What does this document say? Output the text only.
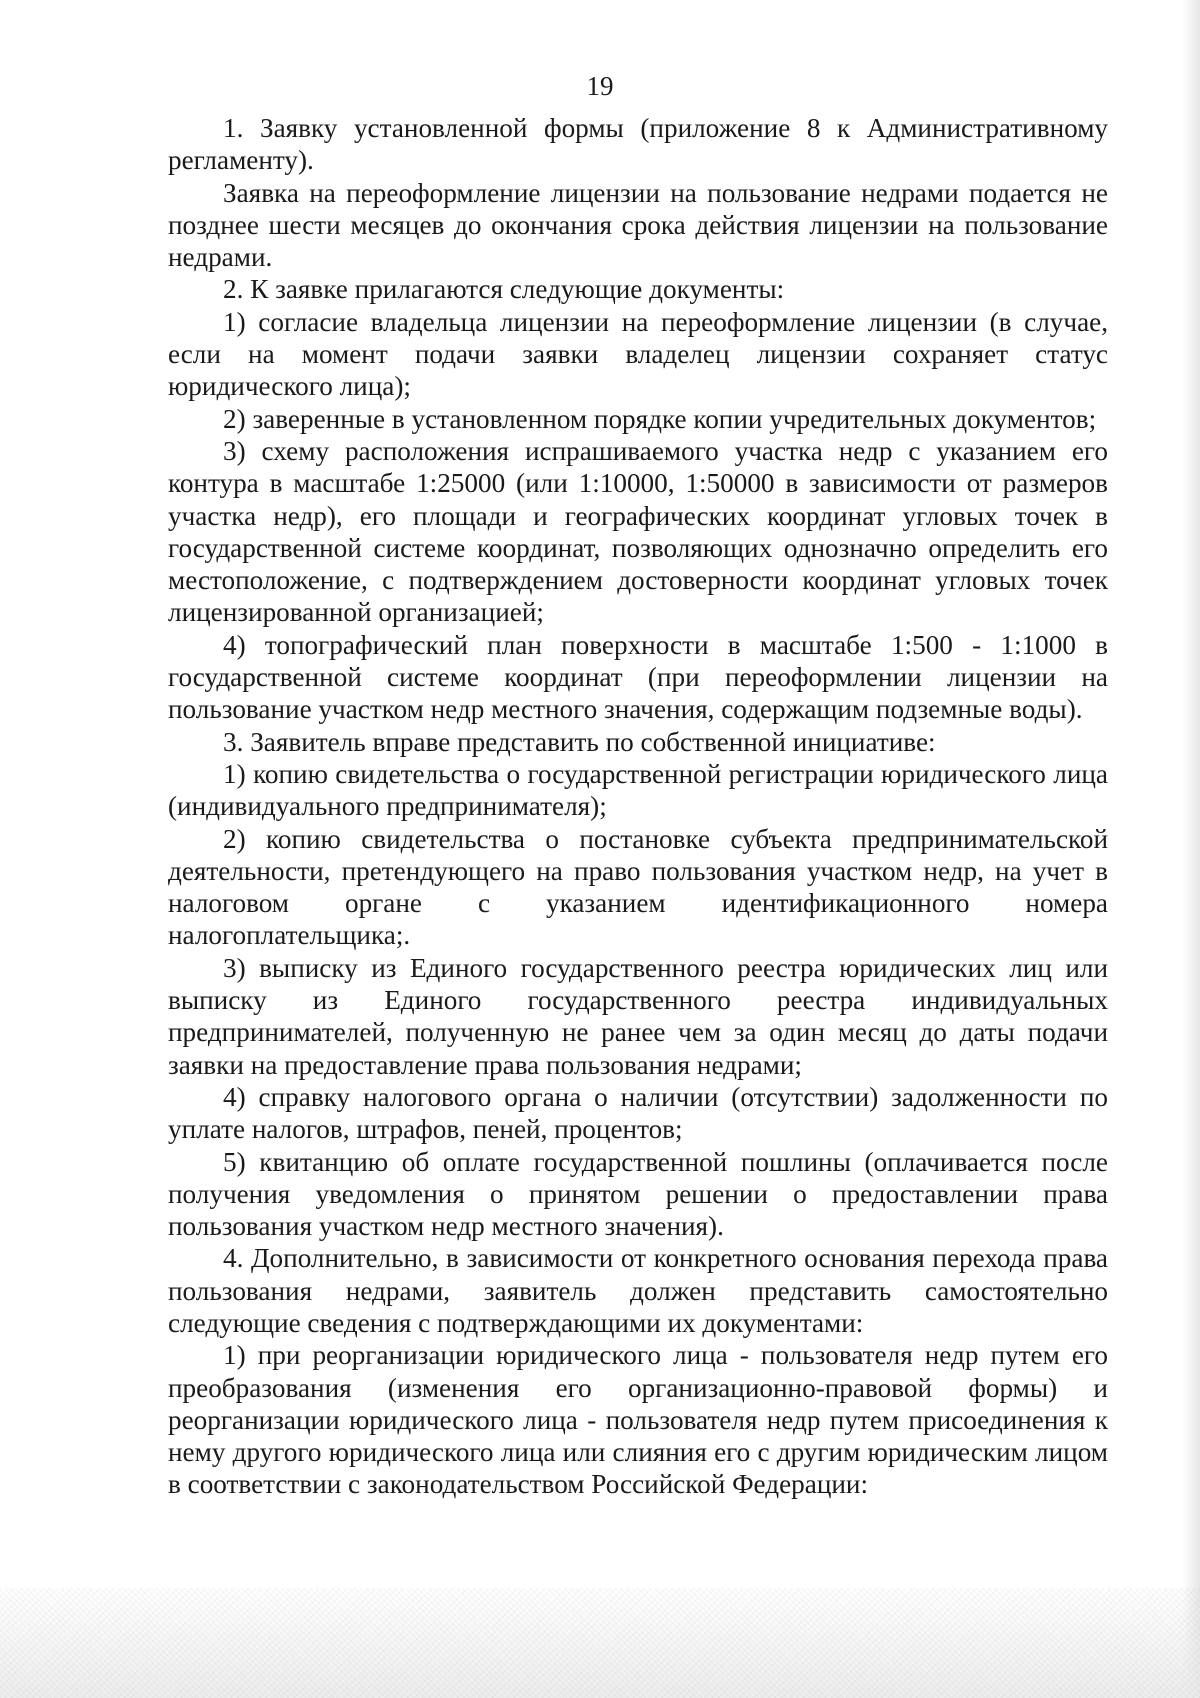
19

1. Заявку установленной формы (приложение 8 к Административному регламенту).

Заявка на переоформление лицензии на пользование недрами подается не позднее шести месяцев до окончания срока действия лицензии на пользование недрами.

2. К заявке прилагаются следующие документы:

1) согласие владельца лицензии на переоформление лицензии (в случае, если на момент подачи заявки владелец лицензии сохраняет статус юридического лица);

2) заверенные в установленном порядке копии учредительных документов;

3) схему расположения испрашиваемого участка недр с указанием его контура в масштабе 1:25000 (или 1:10000, 1:50000 в зависимости от размеров участка недр), его площади и географических координат угловых точек в государственной системе координат, позволяющих однозначно определить его местоположение, с подтверждением достоверности координат угловых точек лицензированной организацией;

4) топографический план поверхности в масштабе 1:500 - 1:1000 в государственной системе координат (при переоформлении лицензии на пользование участком недр местного значения, содержащим подземные воды).

3. Заявитель вправе представить по собственной инициативе:

1) копию свидетельства о государственной регистрации юридического лица (индивидуального предпринимателя);

2) копию свидетельства о постановке субъекта предпринимательской деятельности, претендующего на право пользования участком недр, на учет в налоговом органе с указанием идентификационного номера налогоплательщика;.

3) выписку из Единого государственного реестра юридических лиц или выписку из Единого государственного реестра индивидуальных предпринимателей, полученную не ранее чем за один месяц до даты подачи заявки на предоставление права пользования недрами;

4) справку налогового органа о наличии (отсутствии) задолженности по уплате налогов, штрафов, пеней, процентов;

5) квитанцию об оплате государственной пошлины (оплачивается после получения уведомления о принятом решении о предоставлении права пользования участком недр местного значения).

4. Дополнительно, в зависимости от конкретного основания перехода права пользования недрами, заявитель должен представить самостоятельно следующие сведения с подтверждающими их документами:

1) при реорганизации юридического лица - пользователя недр путем его преобразования (изменения его организационно-правовой формы) и реорганизации юридического лица - пользователя недр путем присоединения к нему другого юридического лица или слияния его с другим юридическим лицом в соответствии с законодательством Российской Федерации:
